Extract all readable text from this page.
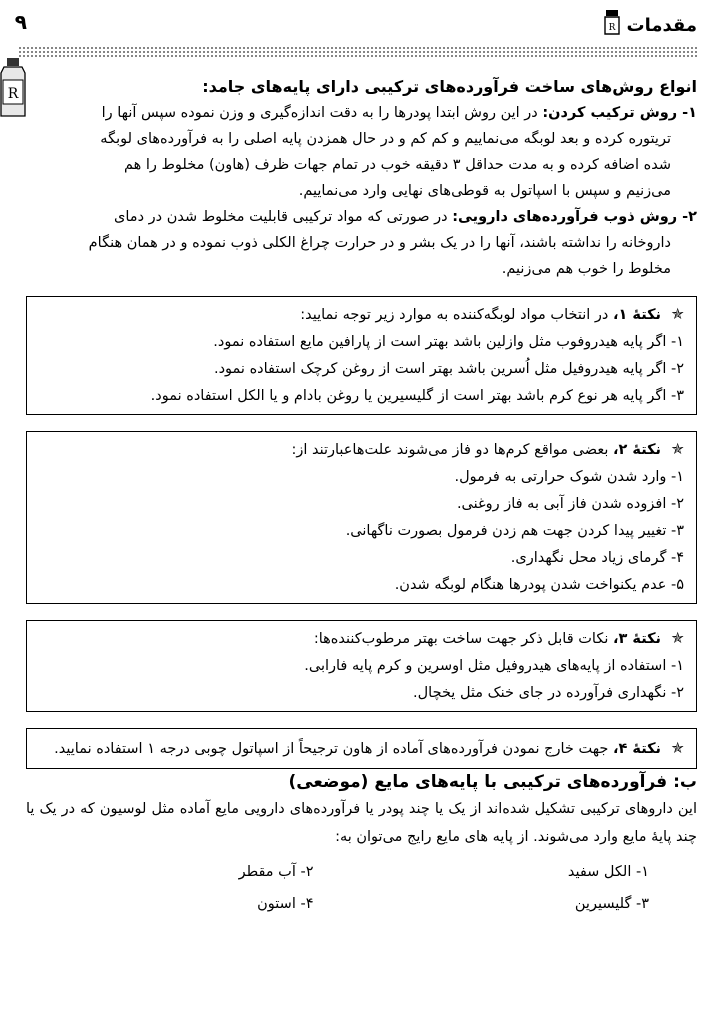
مقدمات
R
۹
R	انواع روش‌های ساخت فرآورده‌های ترکیبی دارای پایه‌های جامد:

۱- روش ترکیب کردن: در این روش ابتدا پودرها را به دقت اندازه‌گیری و وزن نموده سپس آنها را

تریتوره کرده و بعد لوبگه می‌نماییم و کم کم و در حال همزدن پایه اصلی را به فرآورده‌های لوبگه

شده اضافه کرده و به مدت حداقل ۳ دقیقه خوب در تمام جهات ظرف (هاون) مخلوط را هم

می‌زنیم و سپس با اسپاتول به قوطی‌های نهایی وارد می‌نماییم.

۲- روش ذوب فرآورده‌های دارویی: در صورتی که مواد ترکیبی قابلیت مخلوط شدن در دمای

داروخانه را نداشته باشند، آنها را در یک بشر و در حرارت چراغ الکلی ذوب نموده و در همان هنگام

مخلوط را خوب هم می‌زنیم.

✯نکتهٔ ۱، در انتخاب مواد لوبگه‌کننده به موارد زیر توجه نمایید:

۱- اگر پایه هیدروفوب مثل وازلین باشد بهتر است از پارافین مایع استفاده نمود.

۲- اگر پایه هیدروفیل مثل اُسرین باشد بهتر است از روغن کرچک استفاده نمود.

۳- اگر پایه هر نوع کرم باشد بهتر است از گلیسیرین یا روغن بادام و یا الکل استفاده نمود.

✯نکتهٔ ۲، بعضی مواقع کرم‌ها دو فاز می‌شوند علت‌هاعبارتند از:

۱- وارد شدن شوک حرارتی به فرمول.

۲- افزوده شدن فاز آبی به فاز روغنی.

۳- تغییر پیدا کردن جهت هم زدن فرمول بصورت ناگهانی.

۴- گرمای زیاد محل نگهداری.

۵- عدم یکنواخت شدن پودرها هنگام لوبگه شدن.

✯نکتهٔ ۳، نکات قابل ذکر جهت ساخت بهتر مرطوب‌کننده‌ها:

۱- استفاده از پایه‌های هیدروفیل مثل اوسرین و کرم پایه فارابی.

۲- نگهداری فرآورده در جای خنک مثل یخچال.

✯نکتهٔ ۴، جهت خارج نمودن فرآورده‌های آماده از هاون ترجیحاً از اسپاتول چوبی درجه ۱ استفاده نمایید.

ب: فرآورده‌های ترکیبی با پایه‌های مایع (موضعی)

این داروهای ترکیبی تشکیل شده‌اند از یک یا چند پودر یا فرآورده‌های دارویی مایع آماده مثل لوسیون که در یک یا چند پایهٔ مایع وارد می‌شوند. از پایه های مایع رایج می‌توان به:

۱- الکل سفید
۲- آب مقطر
۳- گلیسیرین
۴- استون
